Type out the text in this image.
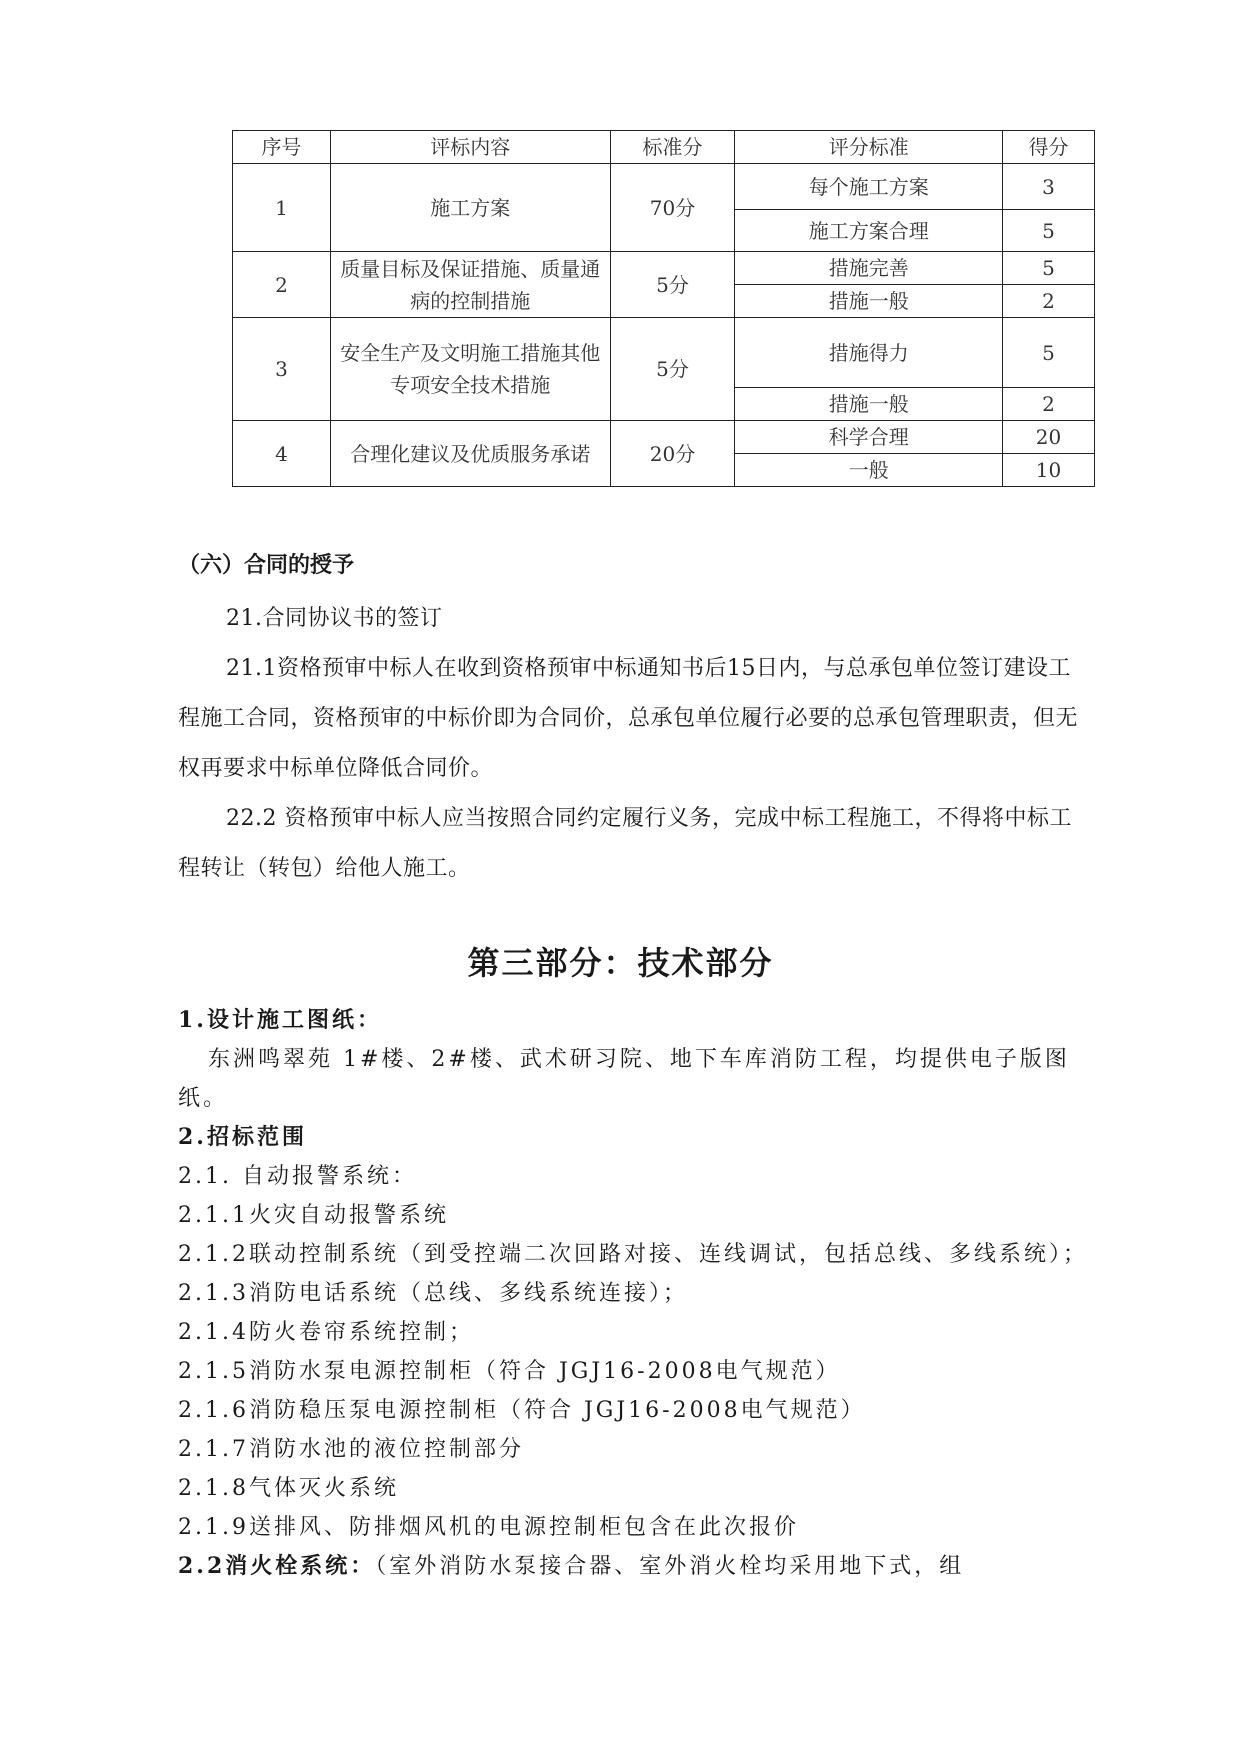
序号	评标内容	标准分	评分标准	得分
1	施工方案	70分	每个施工方案	3
			施工方案合理	5
2	质量目标及保证措施、质量通病的控制措施	5分	措施完善	5
			措施一般	2
3	安全生产及文明施工措施其他专项安全技术措施	5分	措施得力	5
			措施一般	2
4	合理化建议及优质服务承诺	20分	科学合理	20
			一般	10
（六）合同的授予
21.合同协议书的签订
21.1资格预审中标人在收到资格预审中标通知书后15日内，与总承包单位签订建设工程施工合同，资格预审的中标价即为合同价，总承包单位履行必要的总承包管理职责，但无权再要求中标单位降低合同价。
22.2 资格预审中标人应当按照合同约定履行义务，完成中标工程施工，不得将中标工程转让（转包）给他人施工。
第三部分：技术部分
1.设计施工图纸：
东洲鸣翠苑 1#楼、2#楼、武术研习院、地下车库消防工程，均提供电子版图纸。
2.招标范围
2.1. 自动报警系统：
2.1.1火灾自动报警系统
2.1.2联动控制系统（到受控端二次回路对接、连线调试，包括总线、多线系统）；
2.1.3消防电话系统（总线、多线系统连接）；
2.1.4防火卷帘系统控制；
2.1.5消防水泵电源控制柜（符合 JGJ16-2008电气规范）
2.1.6消防稳压泵电源控制柜（符合 JGJ16-2008电气规范）
2.1.7消防水池的液位控制部分
2.1.8气体灭火系统
2.1.9送排风、防排烟风机的电源控制柜包含在此次报价
2.2消火栓系统：（室外消防水泵接合器、室外消火栓均采用地下式，组
